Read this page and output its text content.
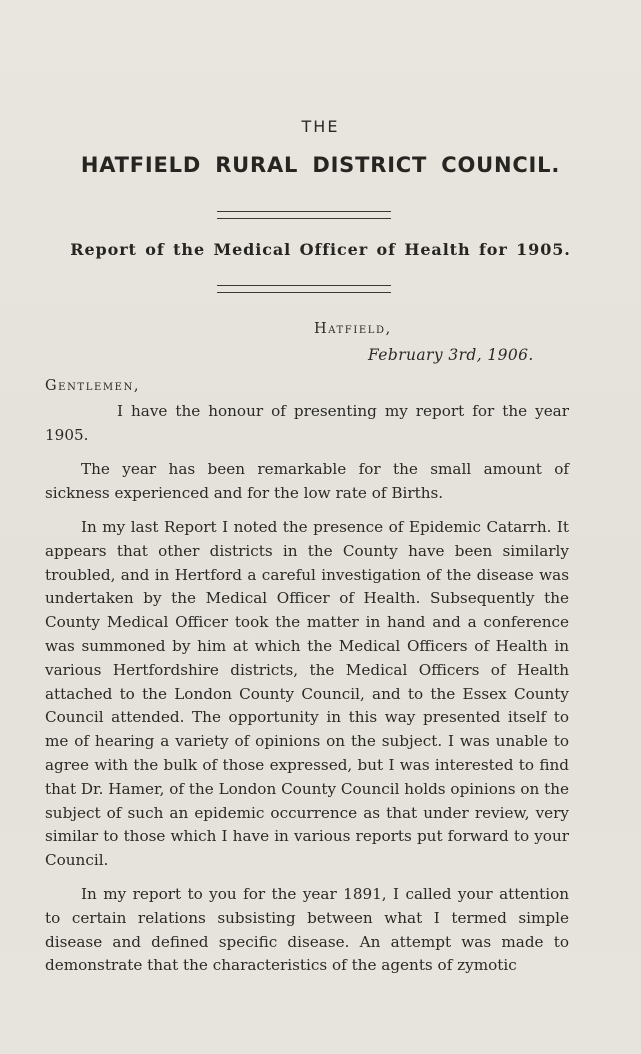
THE
HATFIELD RURAL DISTRICT COUNCIL.
Report of the Medical Officer of Health for 1905.
Hatfield,
February 3rd, 1906.
Gentlemen,

I have the honour of presenting my report for the year 1905.

The year has been remarkable for the small amount of sickness experienced and for the low rate of Births.

In my last Report I noted the presence of Epidemic Catarrh. It appears that other districts in the County have been similarly troubled, and in Hertford a careful investigation of the disease was undertaken by the Medical Officer of Health. Subsequently the County Medical Officer took the matter in hand and a conference was summoned by him at which the Medical Officers of Health in various Hertfordshire districts, the Medical Officers of Health attached to the London County Council, and to the Essex County Council attended. The opportunity in this way presented itself to me of hearing a variety of opinions on the subject. I was unable to agree with the bulk of those expressed, but I was interested to find that Dr. Hamer, of the London County Council holds opinions on the subject of such an epidemic occurrence as that under review, very similar to those which I have in various reports put forward to your Council.

In my report to you for the year 1891, I called your attention to certain relations subsisting between what I termed simple disease and defined specific disease. An attempt was made to demonstrate that the characteristics of the agents of zymotic
